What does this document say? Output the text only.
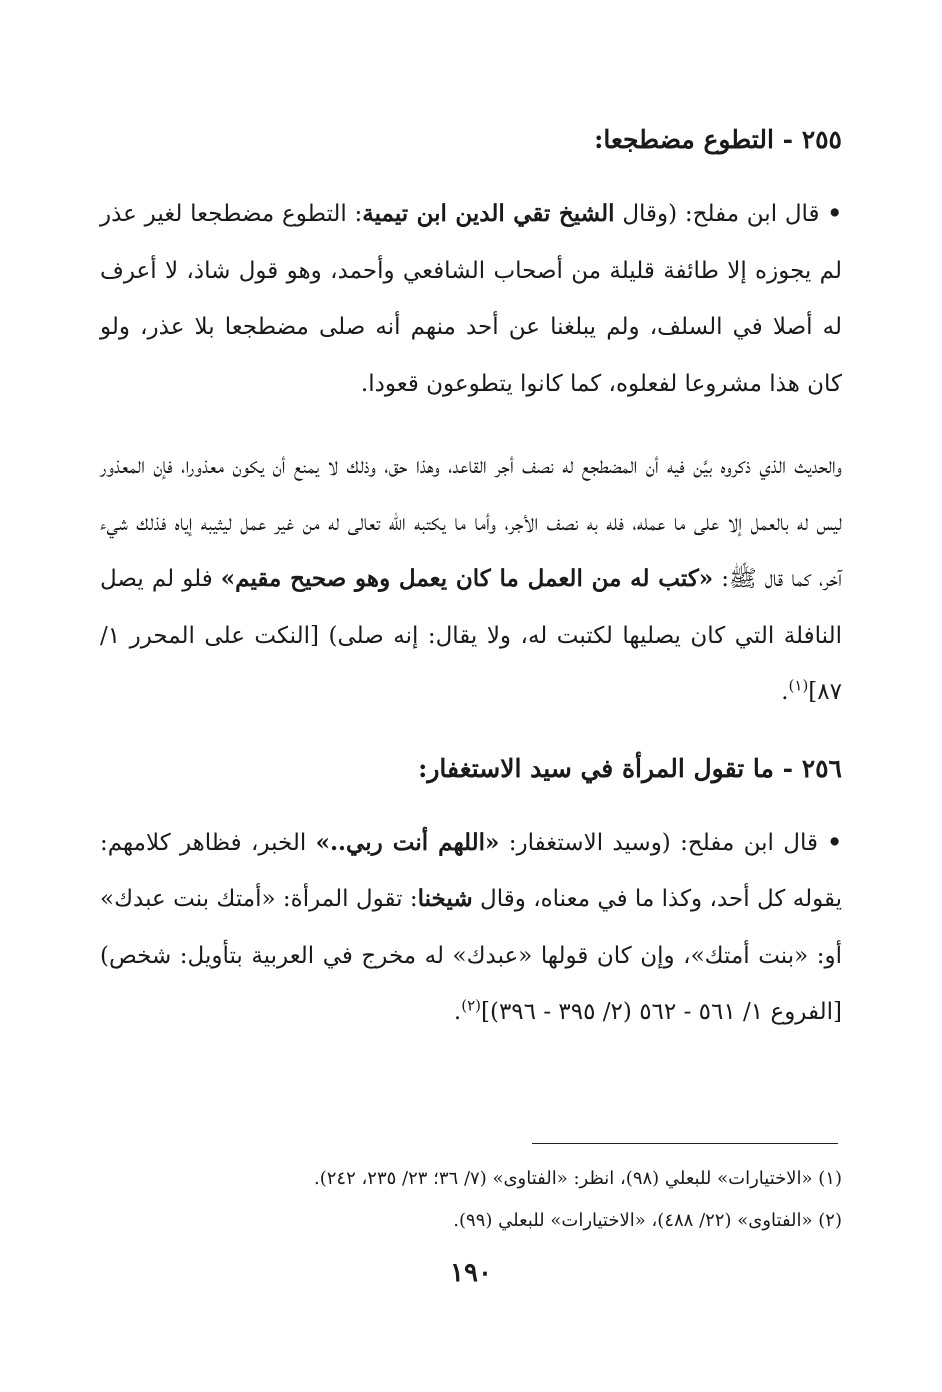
٢٥٥ - التطوع مضطجعا:
• قال ابن مفلح: (وقال الشيخ تقي الدين ابن تيمية: التطوع مضطجعا لغير عذر لم يجوزه إلا طائفة قليلة من أصحاب الشافعي وأحمد، وهو قول شاذ، لا أعرف له أصلا في السلف، ولم يبلغنا عن أحد منهم أنه صلى مضطجعا بلا عذر، ولو كان هذا مشروعا لفعلوه، كما كانوا يتطوعون قعودا.
والحديث الذي ذكروه بيَّن فيه أن المضطجع له نصف أجر القاعد، وهذا حق، وذلك لا يمنع أن يكون معذورا، فإن المعذور ليس له بالعمل إلا على ما عمله، فله به نصف الأجر، وأما ما يكتبه الله تعالى له من غير عمل ليثيبه إياه فذلك شيء آخر، كما قال ﷺ: «كتب له من العمل ما كان يعمل وهو صحيح مقيم» فلو لم يصل النافلة التي كان يصليها لكتبت له، ولا يقال: إنه صلى) [النكت على المحرر ١/ ٨٧]$^{(١)}$.
٢٥٦ - ما تقول المرأة في سيد الاستغفار:
• قال ابن مفلح: (وسيد الاستغفار: «اللهم أنت ربي..» الخبر، فظاهر كلامهم: يقوله كل أحد، وكذا ما في معناه، وقال شيخنا: تقول المرأة: «أمتك بنت عبدك» أو: «بنت أمتك»، وإن كان قولها «عبدك» له مخرج في العربية بتأويل: شخص) [الفروع ١/ ٥٦١ - ٥٦٢ (٢/ ٣٩٥ - ٣٩٦)]$^{(٢)}$.
(١) «الاختيارات» للبعلي (٩٨)، انظر: «الفتاوى» (٧/ ٣٦؛ ٢٣/ ٢٣٥، ٢٤٢).
(٢) «الفتاوى» (٢٢/ ٤٨٨)، «الاختيارات» للبعلي (٩٩).
١٩٠
